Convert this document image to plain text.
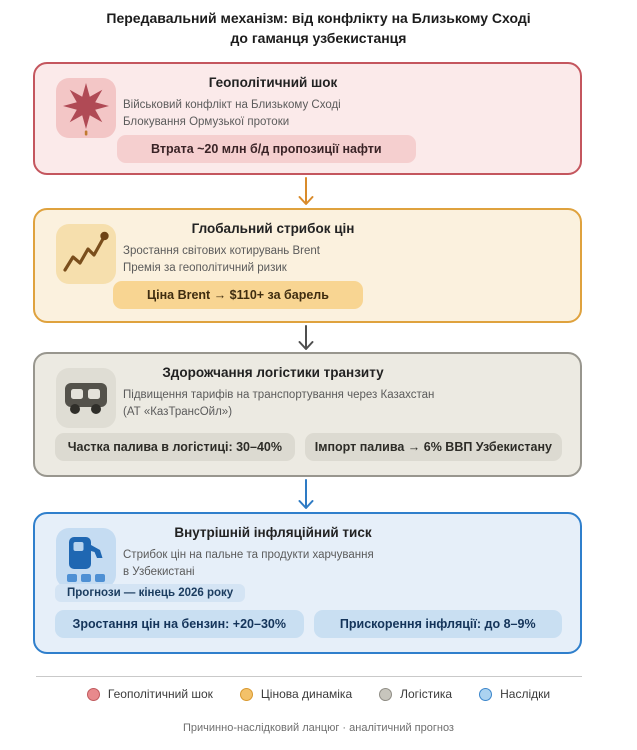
Передавальний механізм: від конфлікту на Близькому Сході
до гаманця узбекистанця
Геополітичний шок
Військовий конфлікт на Близькому Сході
Блокування Ормузької протоки
Втрата ~20 млн б/д пропозиції нафти
Глобальний стрибок цін
Зростання світових котирувань Brent
Премія за геополітичний ризик
Ціна Brent → $110+ за барель
Здорожчання логістики транзиту
Підвищення тарифів на транспортування через Казахстан
(АТ «КазТрансОйл»)
Частка палива в логістиці: 30–40%	Імпорт палива → 6% ВВП Узбекистану
Внутрішній інфляційний тиск
Стрибок цін на пальне та продукти харчування
в Узбекистані
Прогнози — кінець 2026 року
Зростання цін на бензин: +20–30%	Прискорення інфляції: до 8–9%
Геополітичний шок	Цінова динаміка	Логістика	Наслідки
Причинно-наслідковий ланцюг · аналітичний прогноз
